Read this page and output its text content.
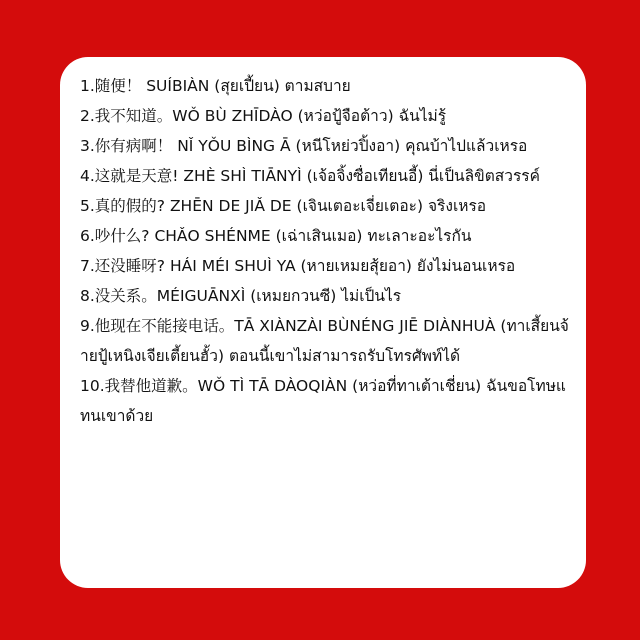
1.随便！ SUÍBIÀN (สุยเปี้ยน) ตามสบาย
2.我不知道。WǑ BÙ ZHĪDÀO (หว่อปู้จือต้าว) ฉันไม่รู้
3.你有病啊！ NǏ YǑU BÌNG Ā (หนีโหย่วปิ้งอา) คุณบ้าไปแล้วเหรอ
4.这就是天意! ZHÈ SHÌ TIĀNYÌ (เจ้อจิ้งซื่อเทียนอี้) นี่เป็นลิขิตสวรรค์
5.真的假的? ZHĒN DE JIǍ DE (เจินเตอะเจี่ยเตอะ) จริงเหรอ
6.吵什么? CHǍO SHÉNME (เฉ่าเสินเมอ) ทะเลาะอะไรกัน
7.还没睡呀? HÁI MÉI SHUÌ YA (หายเหมยสุ้ยอา) ยังไม่นอนเหรอ
8.没关系。MÉIGUĀNXÌ (เหมยกวนซี) ไม่เป็นไร
9.他现在不能接电话。TĀ XIÀNZÀI BÙNÉNG JIĒ DIÀNHUÀ (ทาเสี้ยนจ้ายปู้เหนิงเจียเตี้ยนฮั้ว) ตอนนี้เขาไม่สามารถรับโทรศัพท์ได้
10.我替他道歉。WǑ TÌ TĀ DÀOQIÀN (หว่อที่ทาเต้าเชี่ยน) ฉันขอโทษแทนเขาด้วย
